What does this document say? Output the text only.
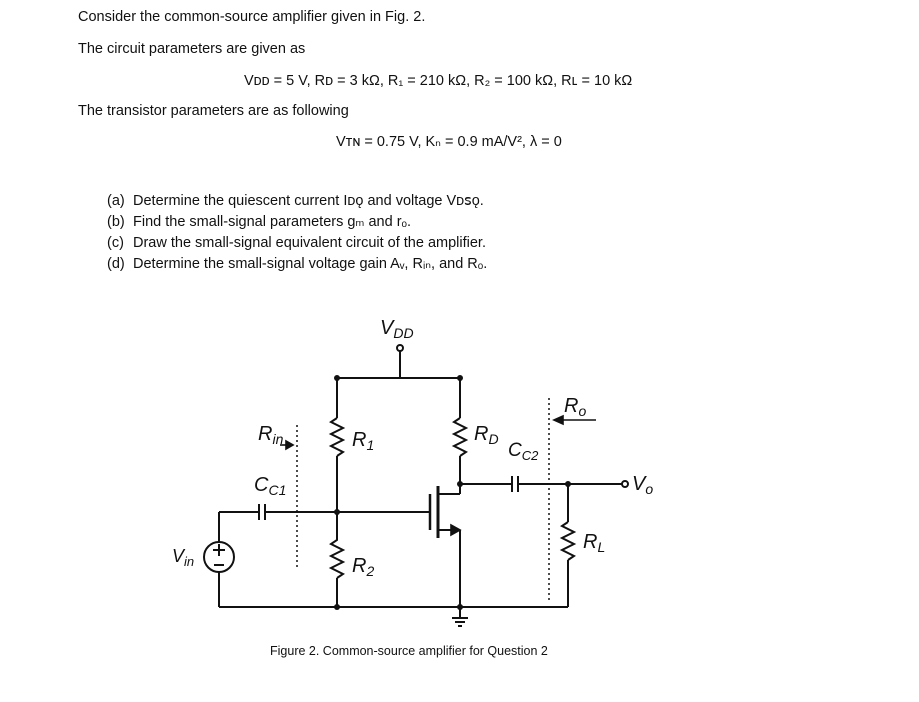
Consider the common-source amplifier given in Fig. 2.
The circuit parameters are given as
Vᴅᴅ = 5 V, Rᴅ = 3 kΩ, R₁ = 210 kΩ, R₂ = 100 kΩ, Rʟ = 10 kΩ
The transistor parameters are as following
Vᴛɴ = 0.75 V, Kₙ = 0.9 mA/V², λ = 0
(a) Determine the quiescent current Iᴅǫ and voltage Vᴅꜱǫ.
(b) Find the small-signal parameters gₘ and rₒ.
(c) Draw the small-signal equivalent circuit of the amplifier.
(d) Determine the small-signal voltage gain Aᵥ, Rᵢₙ, and Rₒ.
$V_{DD}$
$R_{in}$	$R_1$	$R_D$
$C_{C2}$
$R_o$
$C_{C1}$	$V_o$
$V_{in}$	$R_2$
$R_L$
Figure 2. Common-source amplifier for Question 2
